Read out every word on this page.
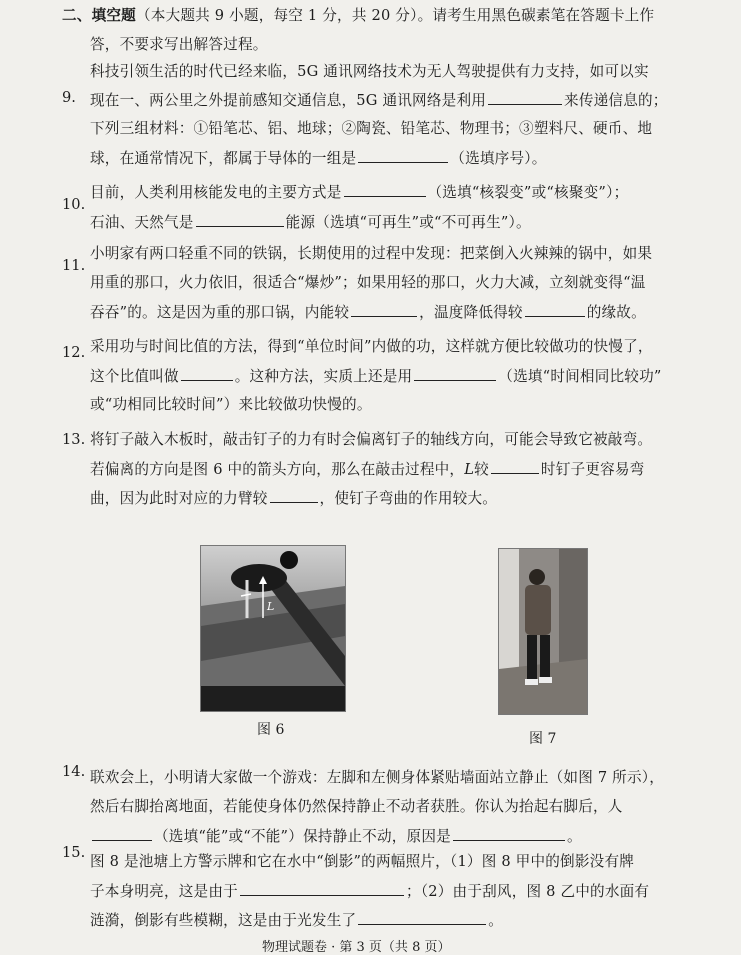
二、填空题（本大题共 9 小题，每空 1 分，共 20 分）。请考生用黑色碳素笔在答题卡上作
答，不要求写出解答过程。
9.
科技引领生活的时代已经来临，5G 通讯网络技术为无人驾驶提供有力支持，如可以实
现在一、两公里之外提前感知交通信息，5G 通讯网络是利用	来传递信息的；
下列三组材料：①铅笔芯、铝、地球；②陶瓷、铅笔芯、物理书；③塑料尺、硬币、地
球，在通常情况下，都属于导体的一组是	（选填序号）。
10.
目前，人类利用核能发电的主要方式是	（选填“核裂变”或“核聚变”）；
石油、天然气是	能源（选填“可再生”或“不可再生”）。
11.
小明家有两口轻重不同的铁锅，长期使用的过程中发现：把菜倒入火辣辣的锅中，如果
用重的那口，火力依旧，很适合“爆炒”；如果用轻的那口，火力大减，立刻就变得“温
吞吞”的。这是因为重的那口锅，内能较	，温度降低得较	的缘故。
12. 采用功与时间比值的方法，得到“单位时间”内做的功，这样就方便比较做功的快慢了，
这个比值叫做	。这种方法，实质上还是用	（选填“时间相同比较功”
或“功相同比较时间”）来比较做功快慢的。
13. 将钉子敲入木板时，敲击钉子的力有时会偏离钉子的轴线方向，可能会导致它被敲弯。
若偏离的方向是图 6 中的箭头方向，那么在敲击过程中，L较	时钉子更容易弯
曲，因为此时对应的力臂较	，使钉子弯曲的作用较大。
L
图 6
图 7
14. 联欢会上，小明请大家做一个游戏：左脚和左侧身体紧贴墙面站立静止（如图 7 所示），
然后右脚抬离地面，若能使身体仍然保持静止不动者获胜。你认为抬起右脚后，人
（选填“能”或“不能”）保持静止不动，原因是	。
15.
图 8 是池塘上方警示牌和它在水中“倒影”的两幅照片，（1）图 8 甲中的倒影没有牌
子本身明亮，这是由于	；（2）由于刮风，图 8 乙中的水面有
涟漪，倒影有些模糊，这是由于光发生了	。
物理试题卷 · 第 3 页（共 8 页）
